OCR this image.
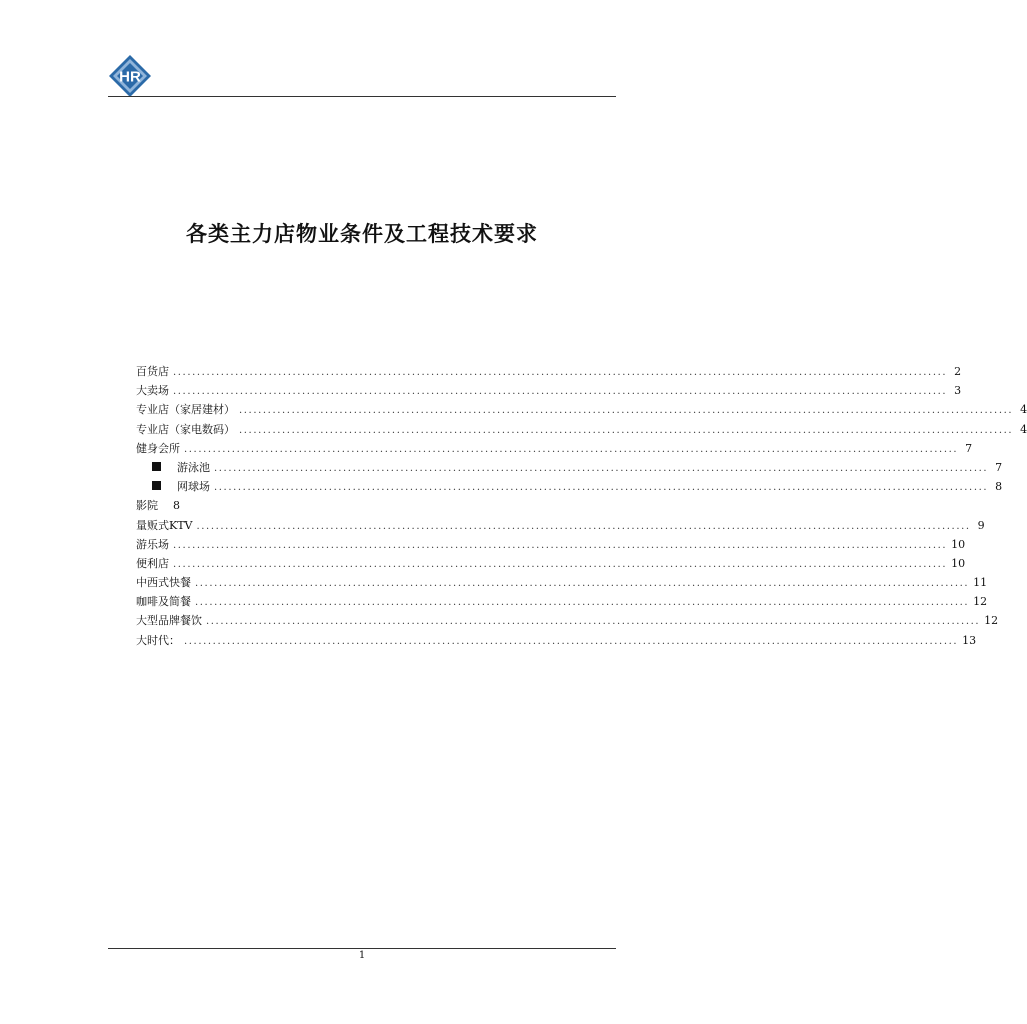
HR
各类主力店物业条件及工程技术要求
百货店 .................................................................................................................................................................. 2
大卖场 .................................................................................................................................................................. 3
专业店（家居建材） .................................................................................................................................................................. 4
专业店（家电数码） .................................................................................................................................................................. 4
健身会所 .................................................................................................................................................................. 7
游泳池 .................................................................................................................................................................. 7
网球场 .................................................................................................................................................................. 8
影院 8
量贩式KTV .................................................................................................................................................................. 9
游乐场 .................................................................................................................................................................. 10
便利店 .................................................................................................................................................................. 10
中西式快餐 .................................................................................................................................................................. 11
咖啡及简餐 .................................................................................................................................................................. 12
大型品牌餐饮 .................................................................................................................................................................. 12
大时代： .................................................................................................................................................................. 13
1
